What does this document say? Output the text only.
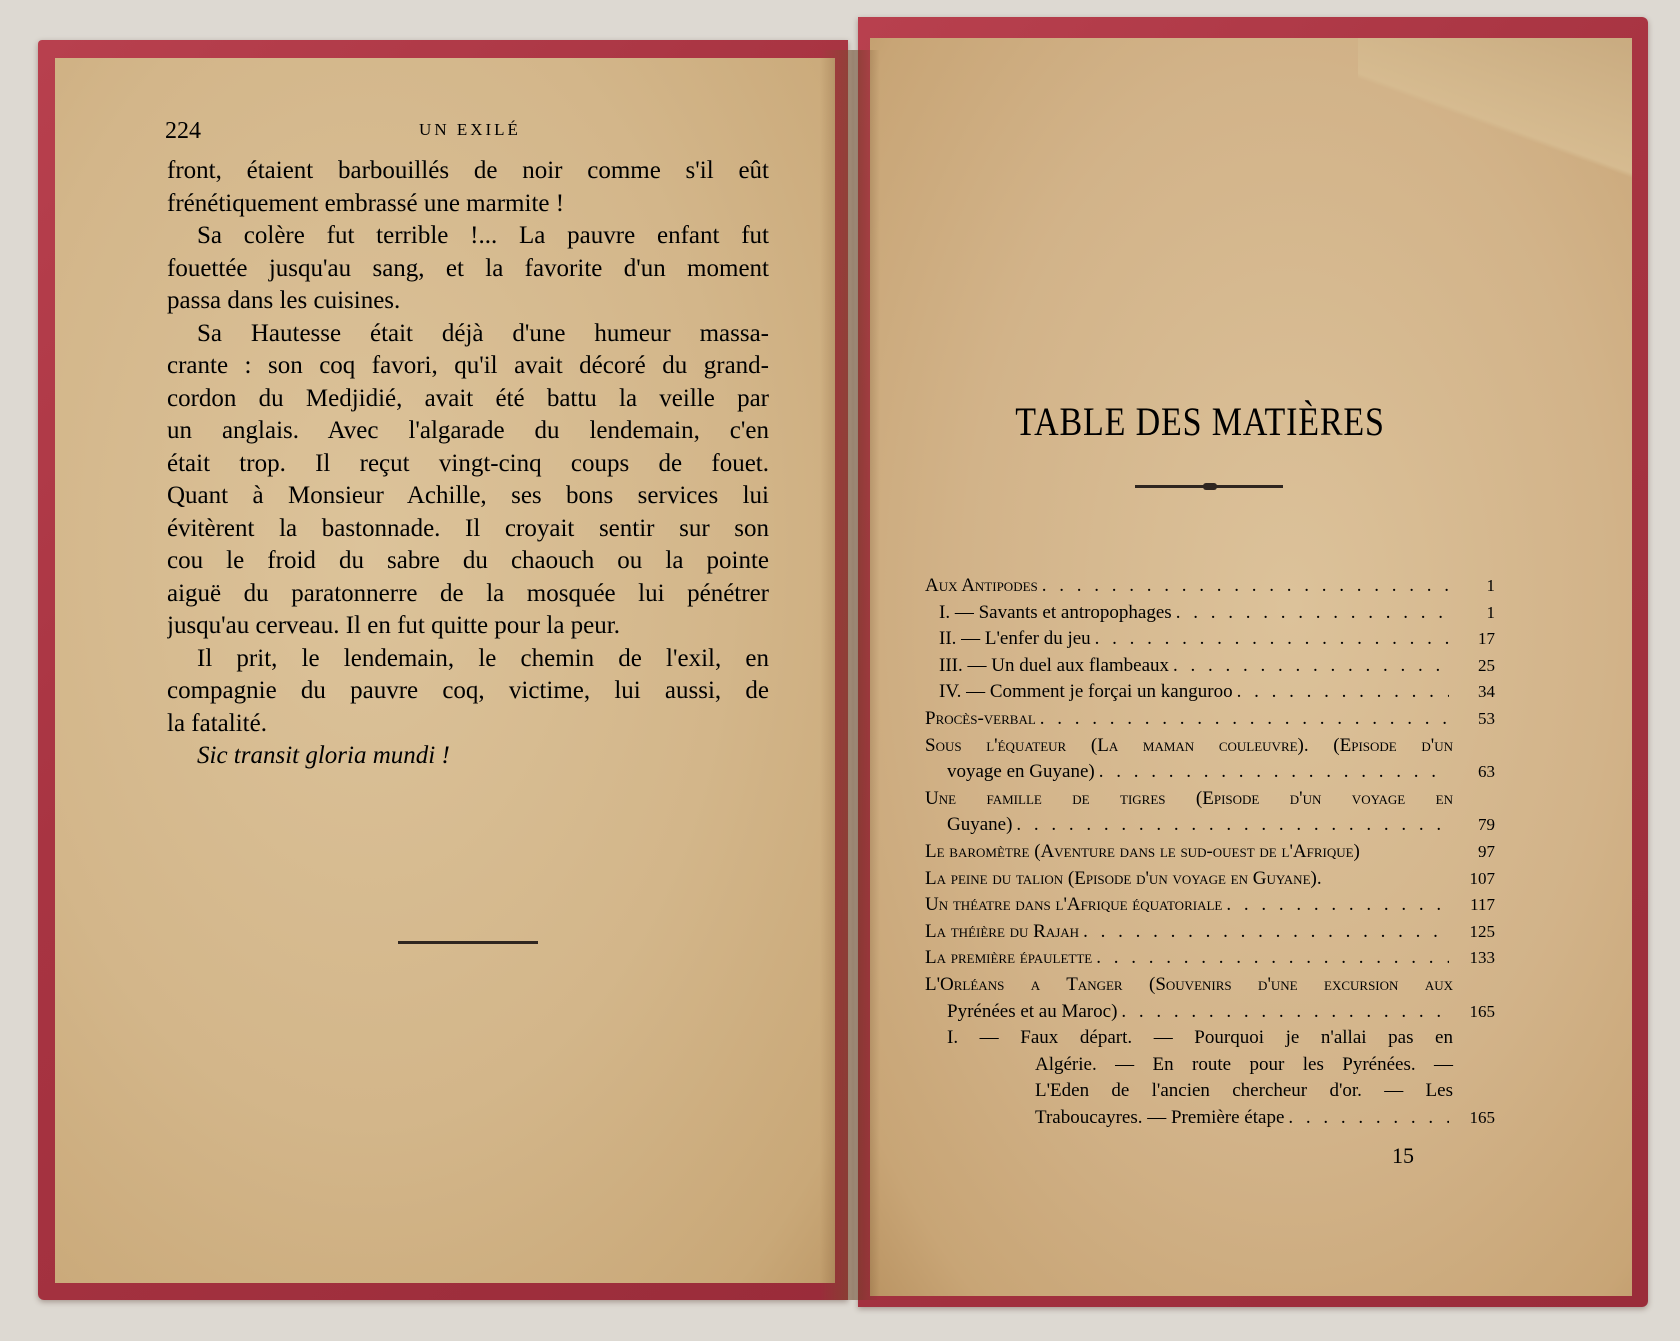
224	UN EXILÉ
front, étaient barbouillés de noir comme s'il eût
frénétiquement embrassé une marmite !
Sa colère fut terrible !... La pauvre enfant fut
fouettée jusqu'au sang, et la favorite d'un moment
passa dans les cuisines.
Sa Hautesse était déjà d'une humeur massa-
crante : son coq favori, qu'il avait décoré du grand-
cordon du Medjidié, avait été battu la veille par
un anglais. Avec l'algarade du lendemain, c'en
était trop. Il reçut vingt-cinq coups de fouet.
Quant à Monsieur Achille, ses bons services lui
évitèrent la bastonnade. Il croyait sentir sur son
cou le froid du sabre du chaouch ou la pointe
aiguë du paratonnerre de la mosquée lui pénétrer
jusqu'au cerveau. Il en fut quitte pour la peur.
Il prit, le lendemain, le chemin de l'exil, en
compagnie du pauvre coq, victime, lui aussi, de
la fatalité.
Sic transit gloria mundi !
TABLE DES MATIÈRES
Aux Antipodes . . .	1
I. — Savants et antropophages . . .	1
II. — L'enfer du jeu . . .	17
III. — Un duel aux flambeaux . . .	25
IV. — Comment je forçai un kanguroo . . .	34
Procès-verbal . . .	53
Sous l'équateur (La maman couleuvre). (Episode d'un
voyage en Guyane) . . .	63
Une famille de tigres (Episode d'un voyage en
Guyane) . . .	79
Le baromètre (Aventure dans le sud-ouest de l'Afrique)	97
La peine du talion (Episode d'un voyage en Guyane).	107
Un théatre dans l'Afrique équatoriale . . .	117
La théière du Rajah . . .	125
La première épaulette . . .	133
L'Orléans a Tanger (Souvenirs d'une excursion aux
Pyrénées et au Maroc) . . .	165
I. — Faux départ. — Pourquoi je n'allai pas en
Algérie. — En route pour les Pyrénées. —
L'Eden de l'ancien chercheur d'or. — Les
Traboucayres. — Première étape . . .	165
15
